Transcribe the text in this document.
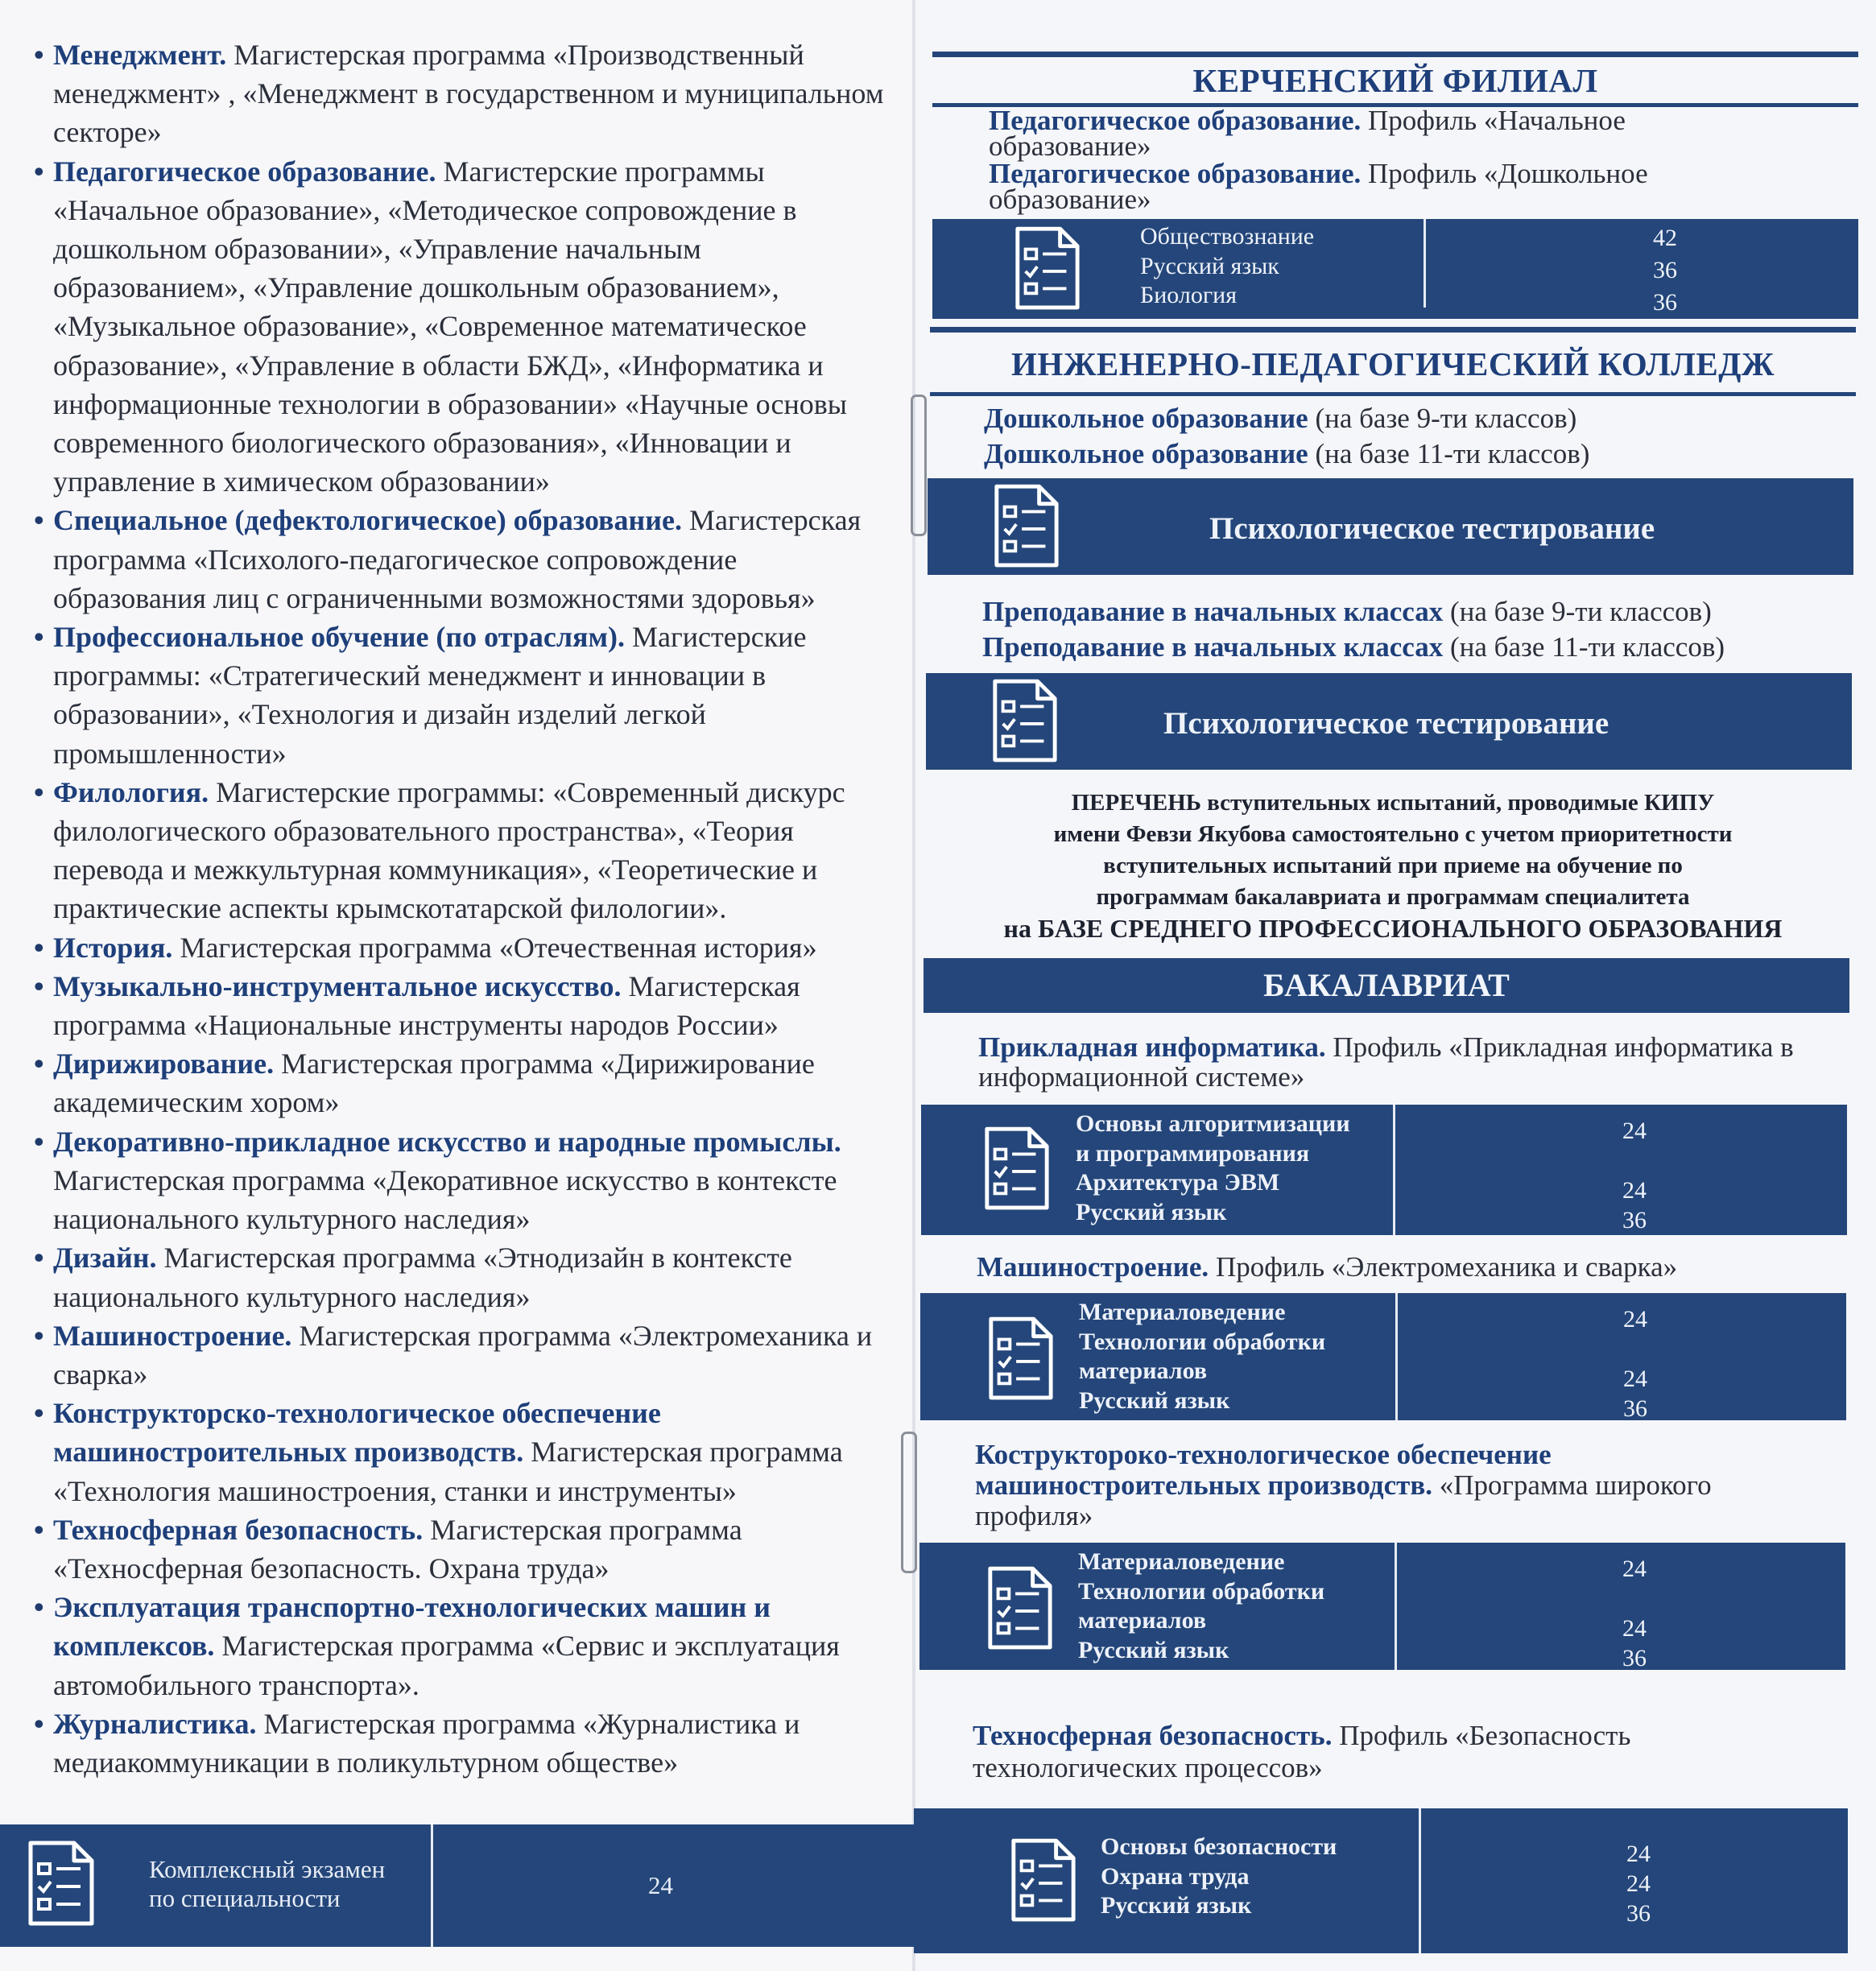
• Менеджмент. Магистерская программа «Производственный менеджмент» , «Менеджмент в государственном и муниципальном секторе»
• Педагогическое образование. Магистерские программы «Начальное образование», «Методическое сопровождение в дошкольном образовании», «Управление начальным образованием», «Управление дошкольным образованием», «Музыкальное образование», «Современное математическое образование», «Управление в области БЖД», «Информатика и информационные технологии в образовании» «Научные основы современного биологического образования», «Инновации и управление в химическом образовании»
• Специальное (дефектологическое) образование. Магистерская программа «Психолого-педагогическое сопровождение образования лиц с ограниченными возможностями здоровья»
• Профессиональное обучение (по отраслям). Магистерские программы: «Стратегический менеджмент и инновации в образовании», «Технология и дизайн изделий легкой промышленности»
• Филология. Магистерские программы: «Современный дискурс филологического образовательного пространства», «Теория перевода и межкультурная коммуникация», «Теоретические и практические аспекты крымскотатарской филологии».
• История. Магистерская программа «Отечественная история»
• Музыкально-инструментальное искусство. Магистерская программа «Национальные инструменты народов России»
• Дирижирование. Магистерская программа «Дирижирование академическим хором»
• Декоративно-прикладное искусство и народные промыслы. Магистерская программа «Декоративное искусство в контексте национального культурного наследия»
• Дизайн. Магистерская программа «Этнодизайн в контексте национального культурного наследия»
• Машиностроение. Магистерская программа «Электромеханика и сварка»
• Конструкторско-технологическое обеспечение машиностроительных производств. Магистерская программа «Технология машиностроения, станки и инструменты»
• Техносферная безопасность. Магистерская программа «Техносферная безопасность. Охрана труда»
• Эксплуатация транспортно-технологических машин и комплексов. Магистерская программа «Сервис и эксплуатация автомобильного транспорта».
• Журналистика. Магистерская программа «Журналистика и медиакоммуникации в поликультурном обществе»
Комплексный экзамен по специальности	24
КЕРЧЕНСКИЙ ФИЛИАЛ
Педагогическое образование. Профиль «Начальное образование»
Педагогическое образование. Профиль «Дошкольное образование»
Обществознание
Русский язык
Биология
42
36
36
ИНЖЕНЕРНО-ПЕДАГОГИЧЕСКИЙ КОЛЛЕДЖ
Дошкольное образование (на базе 9-ти классов)
Дошкольное образование (на базе 11-ти классов)
Психологическое тестирование
Преподавание в начальных классах (на базе 9-ти классов)
Преподавание в начальных классах (на базе 11-ти классов)
Психологическое тестирование
ПЕРЕЧЕНЬ вступительных испытаний, проводимые КИПУ
имени Февзи Якубова самостоятельно с учетом приоритетности
вступительных испытаний при приеме на обучение по
программам бакалавриата и программам специалитета
на БАЗЕ СРЕДНЕГО ПРОФЕССИОНАЛЬНОГО ОБРАЗОВАНИЯ
БАКАЛАВРИАТ
Прикладная информатика. Профиль «Прикладная информатика в информационной системе»
Основы алгоритмизации
и программирования
Архитектура ЭВМ
Русский язык
24
24
36
Машиностроение. Профиль «Электромеханика и сварка»
Материаловедение
Технологии обработки
материалов
Русский язык
24
24
36
Коструктороко-технологическое обеспечение машиностроительных производств. «Программа широкого профиля»
Материаловедение
Технологии обработки
материалов
Русский язык
24
24
36
Техносферная безопасность. Профиль «Безопасность технологических процессов»
Основы безопасности
Охрана труда
Русский язык
24
24
36
